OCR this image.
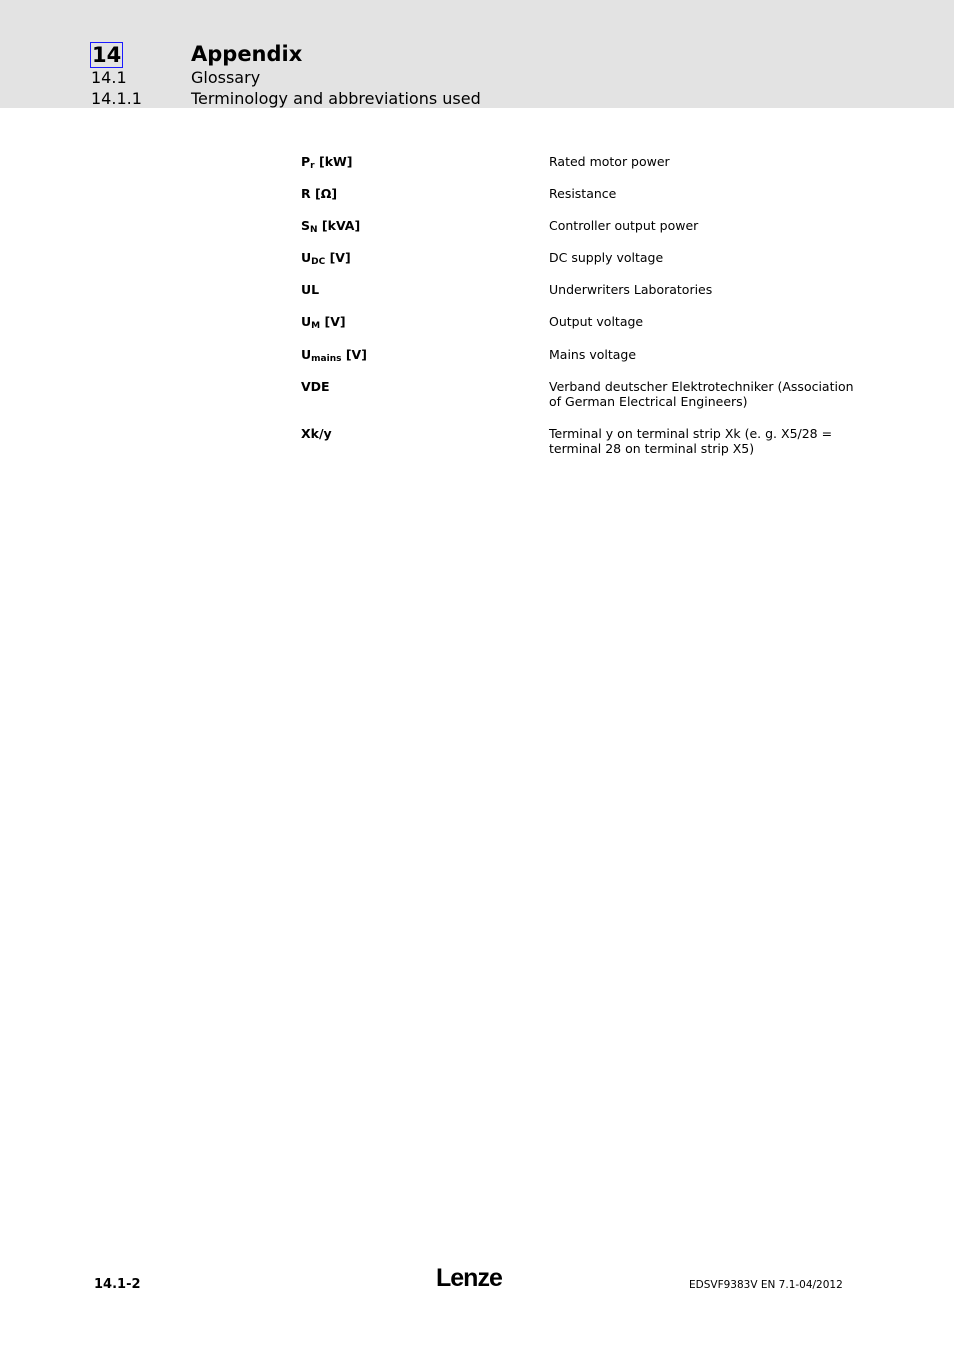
14	Appendix
14.1	Glossary
14.1.1	Terminology and abbreviations used
$P_r$ [kW]	Rated motor power
R [Ω]	Resistance
$S_N$ [kVA]	Controller output power
$U_{DC}$ [V]	DC supply voltage
UL	Underwriters Laboratories
$U_M$ [V]	Output voltage
$U_{mains}$ [V]	Mains voltage
VDE	Verband deutscher Elektrotechniker (Association of German Electrical Engineers)
Xk/y	Terminal y on terminal strip Xk (e. g. X5/28 = terminal 28 on terminal strip X5)
14.1-2	Lenze	EDSVF9383V EN 7.1-04/2012
